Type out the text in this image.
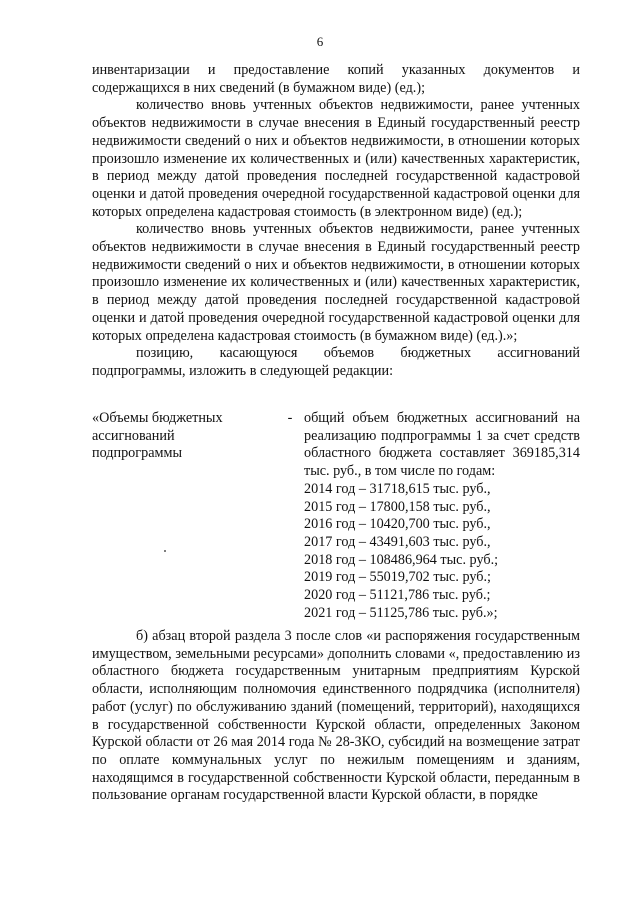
6

инвентаризации и предоставление копий указанных документов и содержащихся в них сведений (в бумажном виде) (ед.);

количество вновь учтенных объектов недвижимости, ранее учтенных объектов недвижимости в случае внесения в Единый государственный реестр недвижимости сведений о них и объектов недвижимости, в отношении которых произошло изменение их количественных и (или) качественных характеристик, в период между датой проведения последней государственной кадастровой оценки и датой проведения очередной государственной кадастровой оценки для которых определена кадастровая стоимость (в электронном виде) (ед.);

количество вновь учтенных объектов недвижимости, ранее учтенных объектов недвижимости в случае внесения в Единый государственный реестр недвижимости сведений о них и объектов недвижимости, в отношении которых произошло изменение их количественных и (или) качественных характеристик, в период между датой проведения последней государственной кадастровой оценки и датой проведения очередной государственной кадастровой оценки для которых определена кадастровая стоимость (в бумажном виде) (ед.).»;

позицию, касающуюся объемов бюджетных ассигнований подпрограммы, изложить в следующей редакции:

«Объемы бюджетных
ассигнований
подпрограммы
- общий объем бюджетных ассигнований на реализацию подпрограммы 1 за счет средств областного бюджета составляет 369185,314 тыс. руб., в том числе по годам:
2014 год – 31718,615 тыс. руб.,
2015 год – 17800,158 тыс. руб.,
2016 год – 10420,700 тыс. руб.,
2017 год – 43491,603 тыс. руб.,
2018 год – 108486,964 тыс. руб.;
2019 год – 55019,702 тыс. руб.;
2020 год – 51121,786 тыс. руб.;
2021 год – 51125,786 тыс. руб.»;

б) абзац второй раздела 3 после слов «и распоряжения государственным имуществом, земельными ресурсами» дополнить словами «, предоставлению из областного бюджета государственным унитарным предприятиям Курской области, исполняющим полномочия единственного подрядчика (исполнителя) работ (услуг) по обслуживанию зданий (помещений, территорий), находящихся в государственной собственности Курской области, определенных Законом Курской области от 26 мая 2014 года № 28-ЗКО, субсидий на возмещение затрат по оплате коммунальных услуг по нежилым помещениям и зданиям, находящимся в государственной собственности Курской области, переданным в пользование органам государственной власти Курской области, в порядке
